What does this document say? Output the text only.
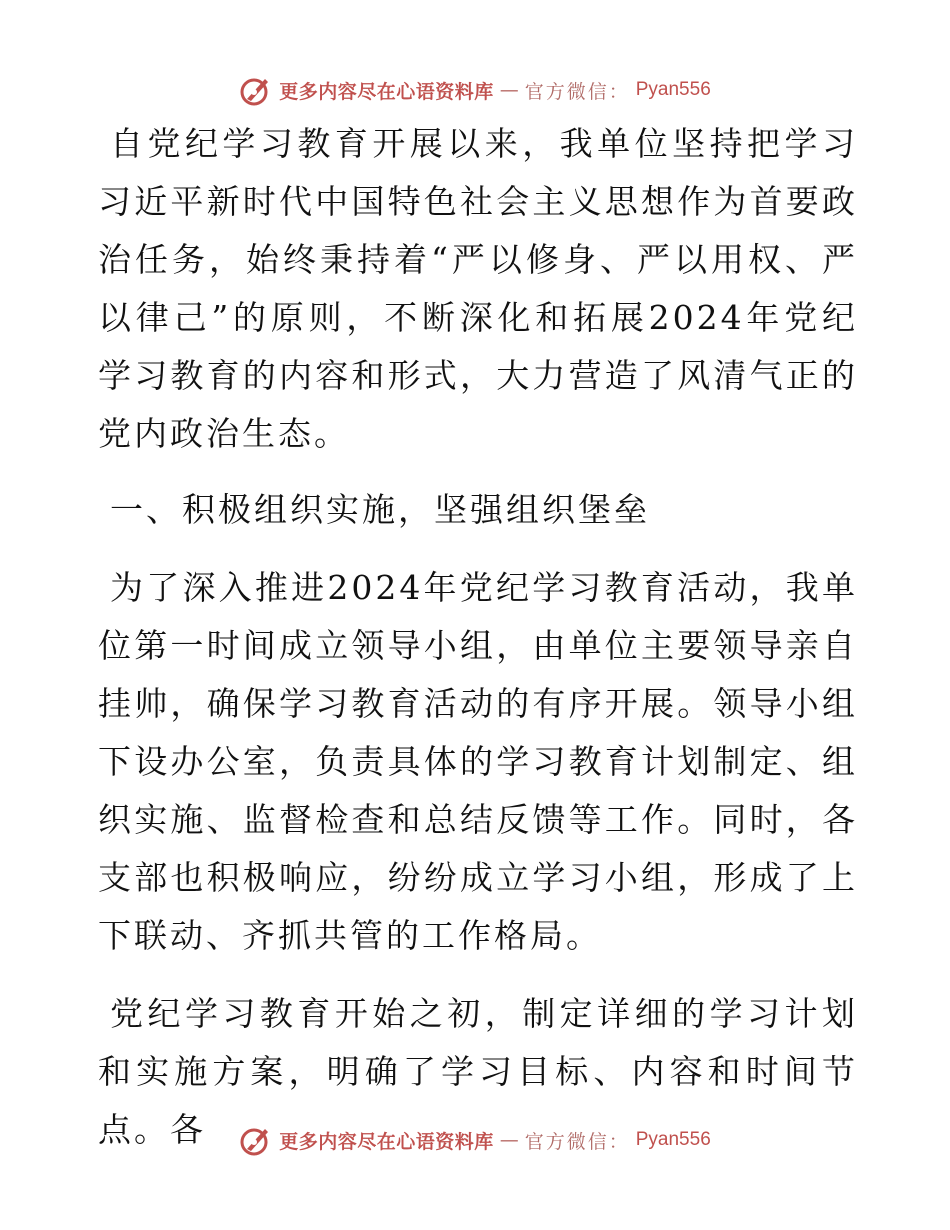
更多内容尽在心语资料库 — 官方微信： Pyan556

自党纪学习教育开展以来，我单位坚持把学习习近平新时代中国特色社会主义思想作为首要政治任务，始终秉持着“严以修身、严以用权、严以律己”的原则，不断深化和拓展2024年党纪学习教育的内容和形式，大力营造了风清气正的党内政治生态。

一、积极组织实施，坚强组织堡垒

为了深入推进2024年党纪学习教育活动，我单位第一时间成立领导小组，由单位主要领导亲自挂帅，确保学习教育活动的有序开展。领导小组下设办公室，负责具体的学习教育计划制定、组织实施、监督检查和总结反馈等工作。同时，各支部也积极响应，纷纷成立学习小组，形成了上下联动、齐抓共管的工作格局。

党纪学习教育开始之初，制定详细的学习计划和实施方案，明确了学习目标、内容和时间节点。各	更多内容尽在心语资料库 — 官方微信： Pyan556
